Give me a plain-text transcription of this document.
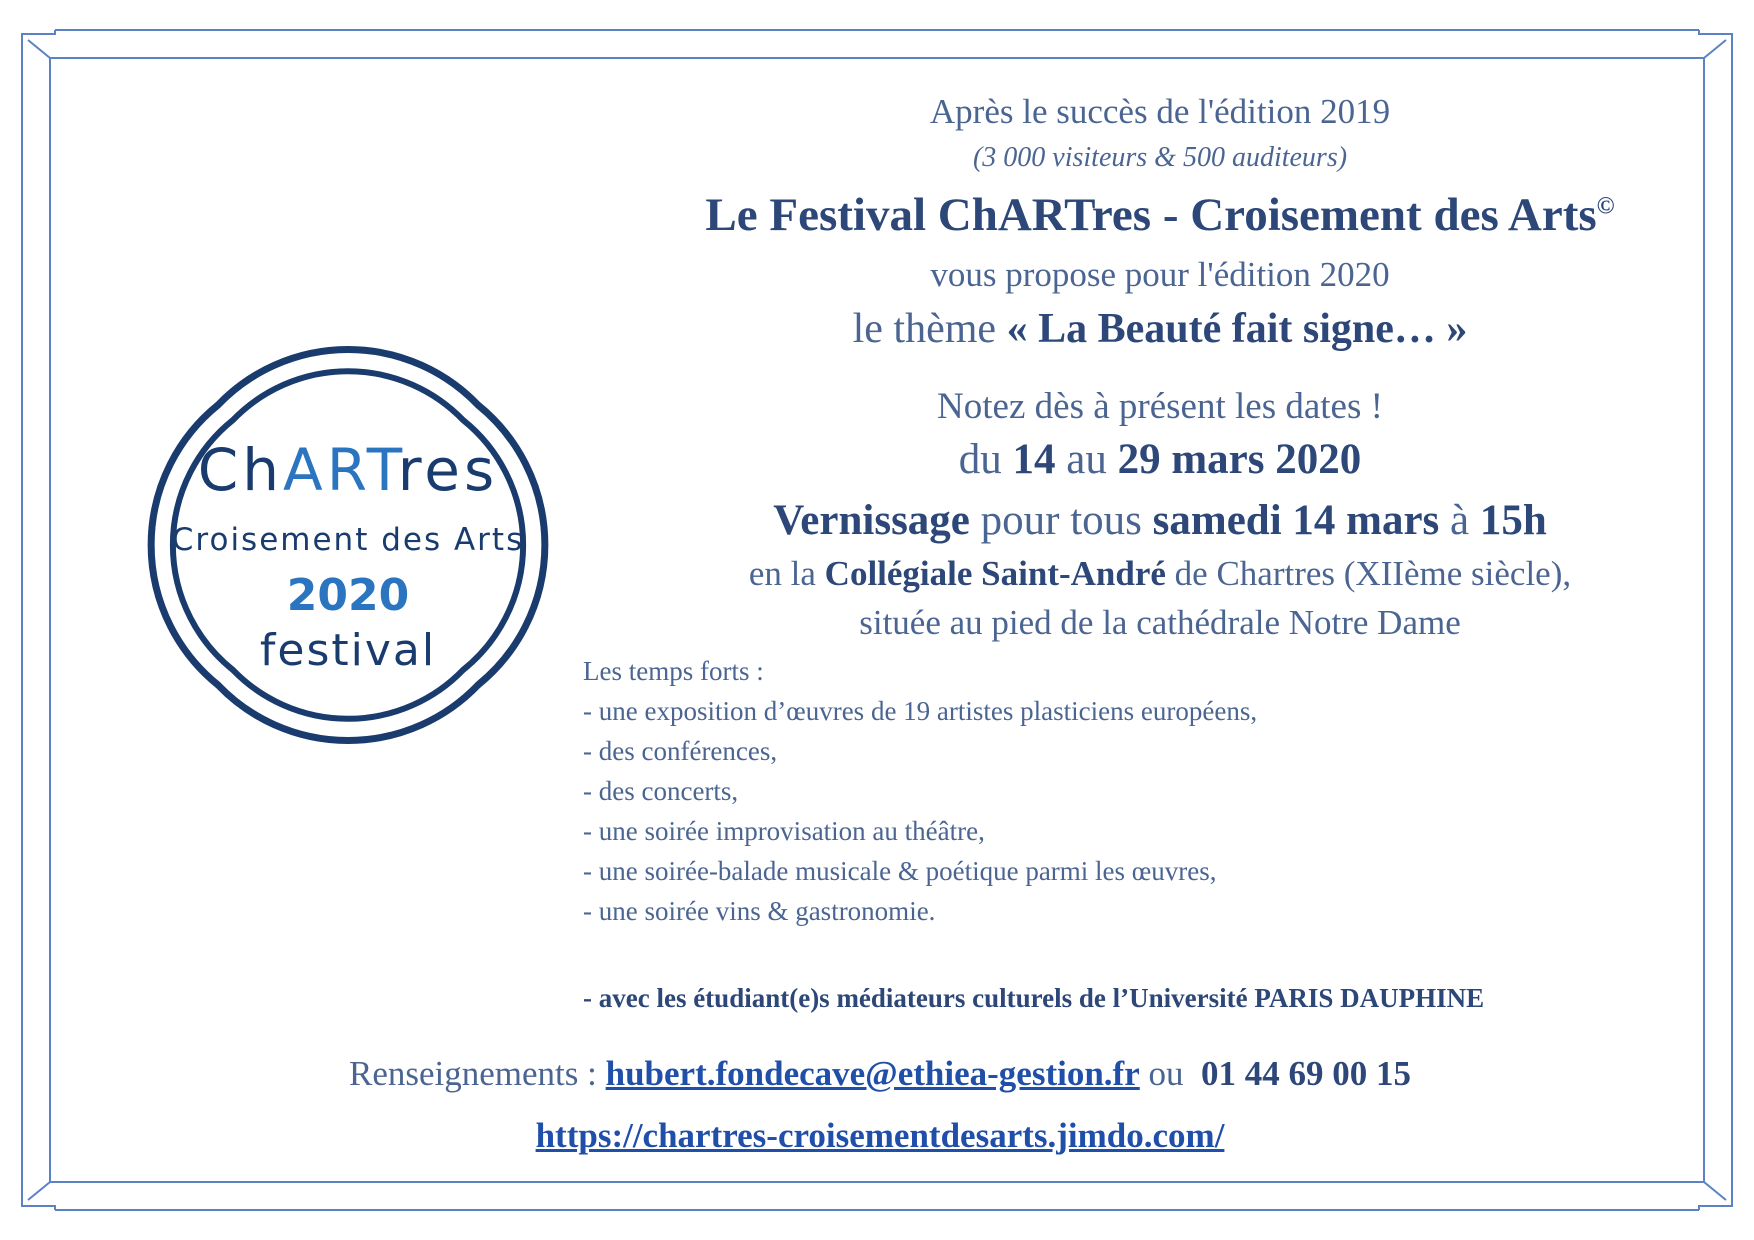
ChARTres
Croisement des Arts
2020
festival

Après le succès de l'édition 2019

(3 000 visiteurs & 500 auditeurs)

Le Festival ChARTres - Croisement des Arts©

vous propose pour l'édition 2020

le thème « La Beauté fait signe… »

Notez dès à présent les dates !

du 14 au 29 mars 2020

Vernissage pour tous samedi 14 mars à 15h

en la Collégiale Saint-André de Chartres (XIIème siècle),

située au pied de la cathédrale Notre Dame

Les temps forts :

- une exposition d’œuvres de 19 artistes plasticiens européens,

- des conférences,

- des concerts,

- une soirée improvisation au théâtre,

- une soirée-balade musicale & poétique parmi les œuvres,

- une soirée vins & gastronomie.

- avec les étudiant(e)s médiateurs culturels de l’Université PARIS DAUPHINE

Renseignements : hubert.fondecave@ethiea-gestion.fr ou 01 44 69 00 15

https://chartres-croisementdesarts.jimdo.com/
